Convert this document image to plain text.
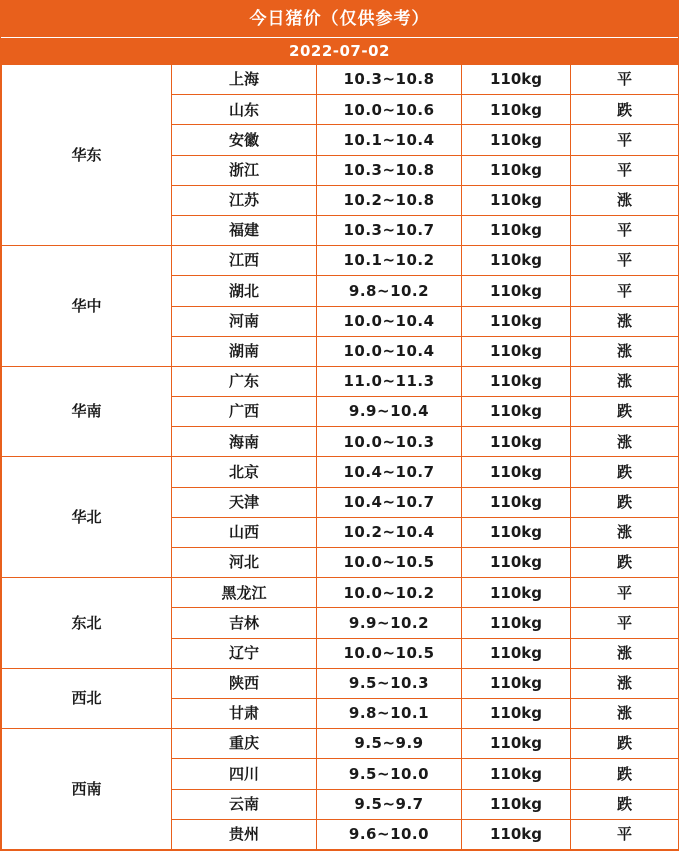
今日猪价（仅供参考）
2022-07-02
华东	上海	10.3~10.8	110kg	平
	山东	10.0~10.6	110kg	跌
	安徽	10.1~10.4	110kg	平
	浙江	10.3~10.8	110kg	平
	江苏	10.2~10.8	110kg	涨
	福建	10.3~10.7	110kg	平
华中	江西	10.1~10.2	110kg	平
	湖北	9.8~10.2	110kg	平
	河南	10.0~10.4	110kg	涨
	湖南	10.0~10.4	110kg	涨
华南	广东	11.0~11.3	110kg	涨
	广西	9.9~10.4	110kg	跌
	海南	10.0~10.3	110kg	涨
华北	北京	10.4~10.7	110kg	跌
	天津	10.4~10.7	110kg	跌
	山西	10.2~10.4	110kg	涨
	河北	10.0~10.5	110kg	跌
东北	黑龙江	10.0~10.2	110kg	平
	吉林	9.9~10.2	110kg	平
	辽宁	10.0~10.5	110kg	涨
西北	陕西	9.5~10.3	110kg	涨
	甘肃	9.8~10.1	110kg	涨
西南	重庆	9.5~9.9	110kg	跌
	四川	9.5~10.0	110kg	跌
	云南	9.5~9.7	110kg	跌
	贵州	9.6~10.0	110kg	平
